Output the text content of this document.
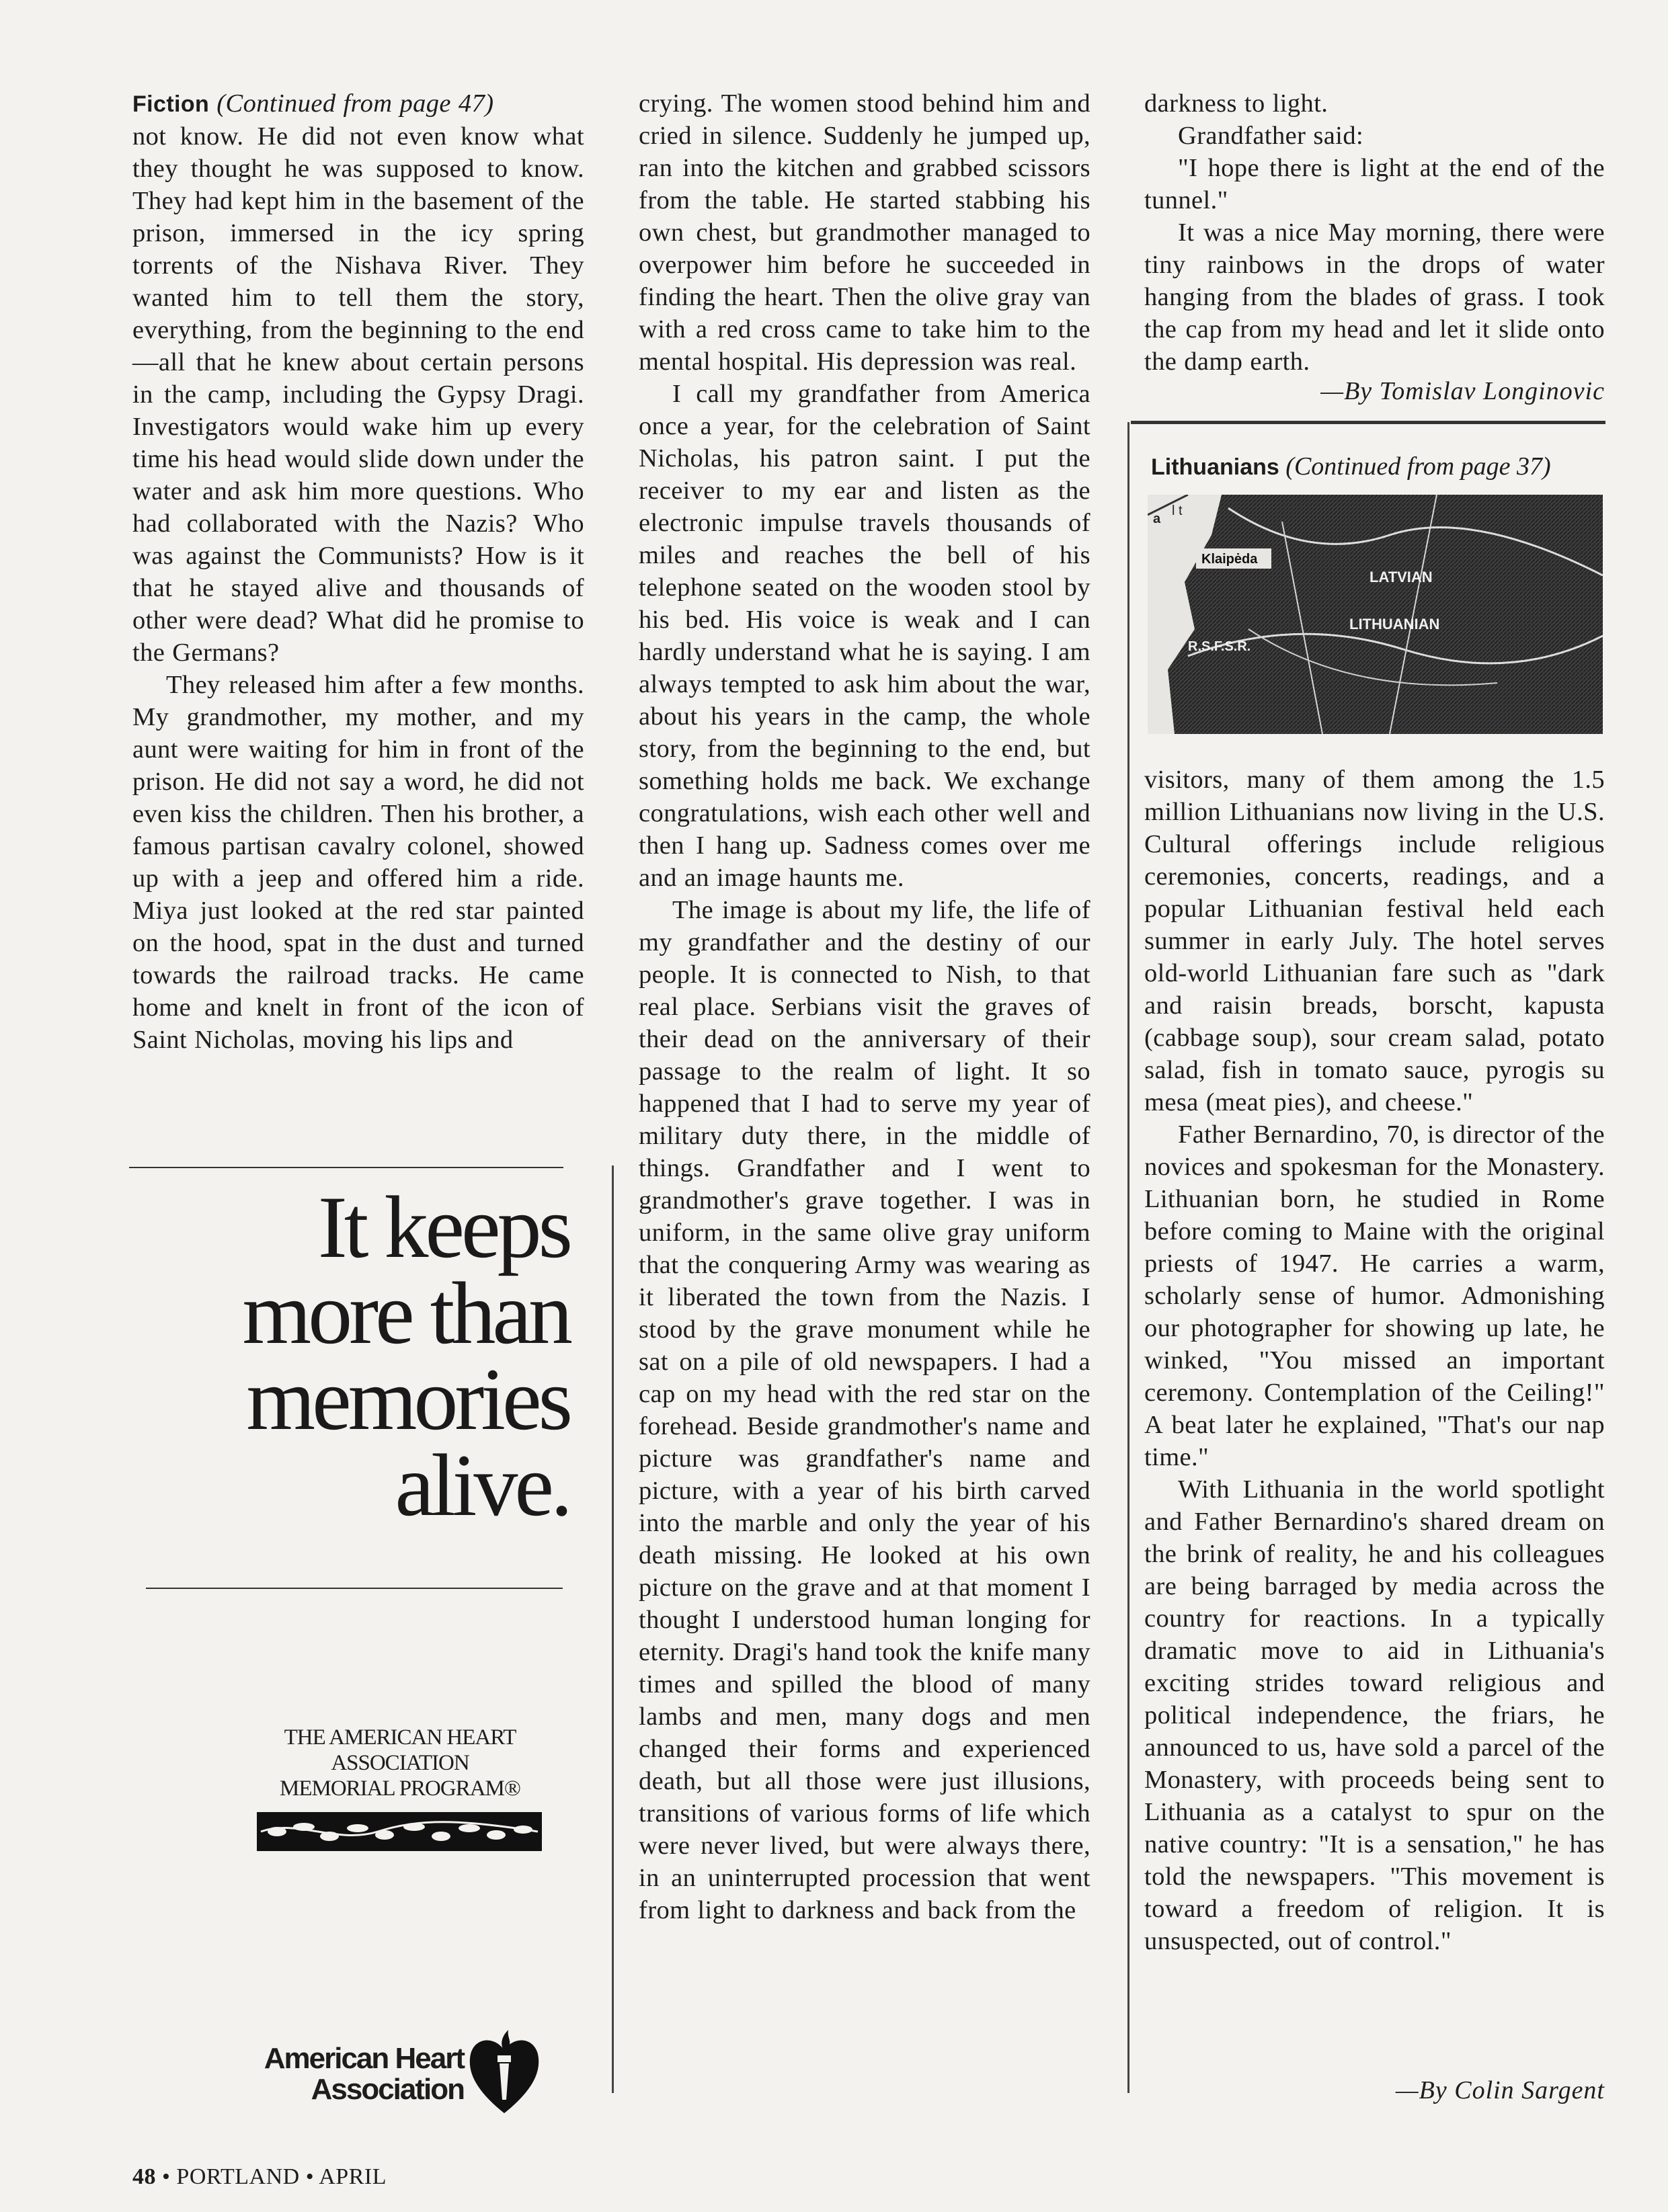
Fiction (Continued from page 47)

not know. He did not even know what they thought he was supposed to know. They had kept him in the basement of the prison, immersed in the icy spring torrents of the Nishava River. They wanted him to tell them the story, everything, from the beginning to the end—all that he knew about certain persons in the camp, including the Gypsy Dragi. Investigators would wake him up every time his head would slide down under the water and ask him more questions. Who had collaborated with the Nazis? Who was against the Communists? How is it that he stayed alive and thousands of other were dead? What did he promise to the Germans?

They released him after a few months. My grandmother, my mother, and my aunt were waiting for him in front of the prison. He did not say a word, he did not even kiss the children. Then his brother, a famous partisan cavalry colonel, showed up with a jeep and offered him a ride. Miya just looked at the red star painted on the hood, spat in the dust and turned towards the railroad tracks. He came home and knelt in front of the icon of Saint Nicholas, moving his lips and

It keeps
more than
memories
alive.
THE AMERICAN HEART
ASSOCIATION
MEMORIAL PROGRAM®
American Heart
Association

crying. The women stood behind him and cried in silence. Suddenly he jumped up, ran into the kitchen and grabbed scissors from the table. He started stabbing his own chest, but grandmother managed to overpower him before he succeeded in finding the heart. Then the olive gray van with a red cross came to take him to the mental hospital. His depression was real.

I call my grandfather from America once a year, for the celebration of Saint Nicholas, his patron saint. I put the receiver to my ear and listen as the electronic impulse travels thousands of miles and reaches the bell of his telephone seated on the wooden stool by his bed. His voice is weak and I can hardly understand what he is saying. I am always tempted to ask him about the war, about his years in the camp, the whole story, from the beginning to the end, but something holds me back. We exchange congratulations, wish each other well and then I hang up. Sadness comes over me and an image haunts me.

The image is about my life, the life of my grandfather and the destiny of our people. It is connected to Nish, to that real place. Serbians visit the graves of their dead on the anniversary of their passage to the realm of light. It so happened that I had to serve my year of military duty there, in the middle of things. Grandfather and I went to grandmother's grave together. I was in uniform, in the same olive gray uniform that the conquering Army was wearing as it liberated the town from the Nazis. I stood by the grave monument while he sat on a pile of old newspapers. I had a cap on my head with the red star on the forehead. Beside grandmother's name and picture was grandfather's name and picture, with a year of his birth carved into the marble and only the year of his death missing. He looked at his own picture on the grave and at that moment I thought I understood human longing for eternity. Dragi's hand took the knife many times and spilled the blood of many lambs and men, many dogs and men changed their forms and experienced death, but all those were just illusions, transitions of various forms of life which were never lived, but were always there, in an uninterrupted procession that went from light to darkness and back from the

darkness to light.

Grandfather said:

"I hope there is light at the end of the tunnel."

It was a nice May morning, there were tiny rainbows in the drops of water hanging from the blades of grass. I took the cap from my head and let it slide onto the damp earth.

—By Tomislav Longinovic
Lithuanians (Continued from page 37)
a
l t
Klaipėda
LATVIAN
LITHUANIAN
R.S.F.S.R.

visitors, many of them among the 1.5 million Lithuanians now living in the U.S. Cultural offerings include religious ceremonies, concerts, readings, and a popular Lithuanian festival held each summer in early July. The hotel serves old-world Lithuanian fare such as "dark and raisin breads, borscht, kapusta (cabbage soup), sour cream salad, potato salad, fish in tomato sauce, pyrogis su mesa (meat pies), and cheese."

Father Bernardino, 70, is director of the novices and spokesman for the Monastery. Lithuanian born, he studied in Rome before coming to Maine with the original priests of 1947. He carries a warm, scholarly sense of humor. Admonishing our photographer for showing up late, he winked, "You missed an important ceremony. Contemplation of the Ceiling!" A beat later he explained, "That's our nap time."

With Lithuania in the world spotlight and Father Bernardino's shared dream on the brink of reality, he and his colleagues are being barraged by media across the country for reactions. In a typically dramatic move to aid in Lithuania's exciting strides toward religious and political independence, the friars, he announced to us, have sold a parcel of the Monastery, with proceeds being sent to Lithuania as a catalyst to spur on the native country: "It is a sensation," he has told the newspapers. "This movement is toward a freedom of religion. It is unsuspected, out of control."

—By Colin Sargent
48 • PORTLAND • APRIL
